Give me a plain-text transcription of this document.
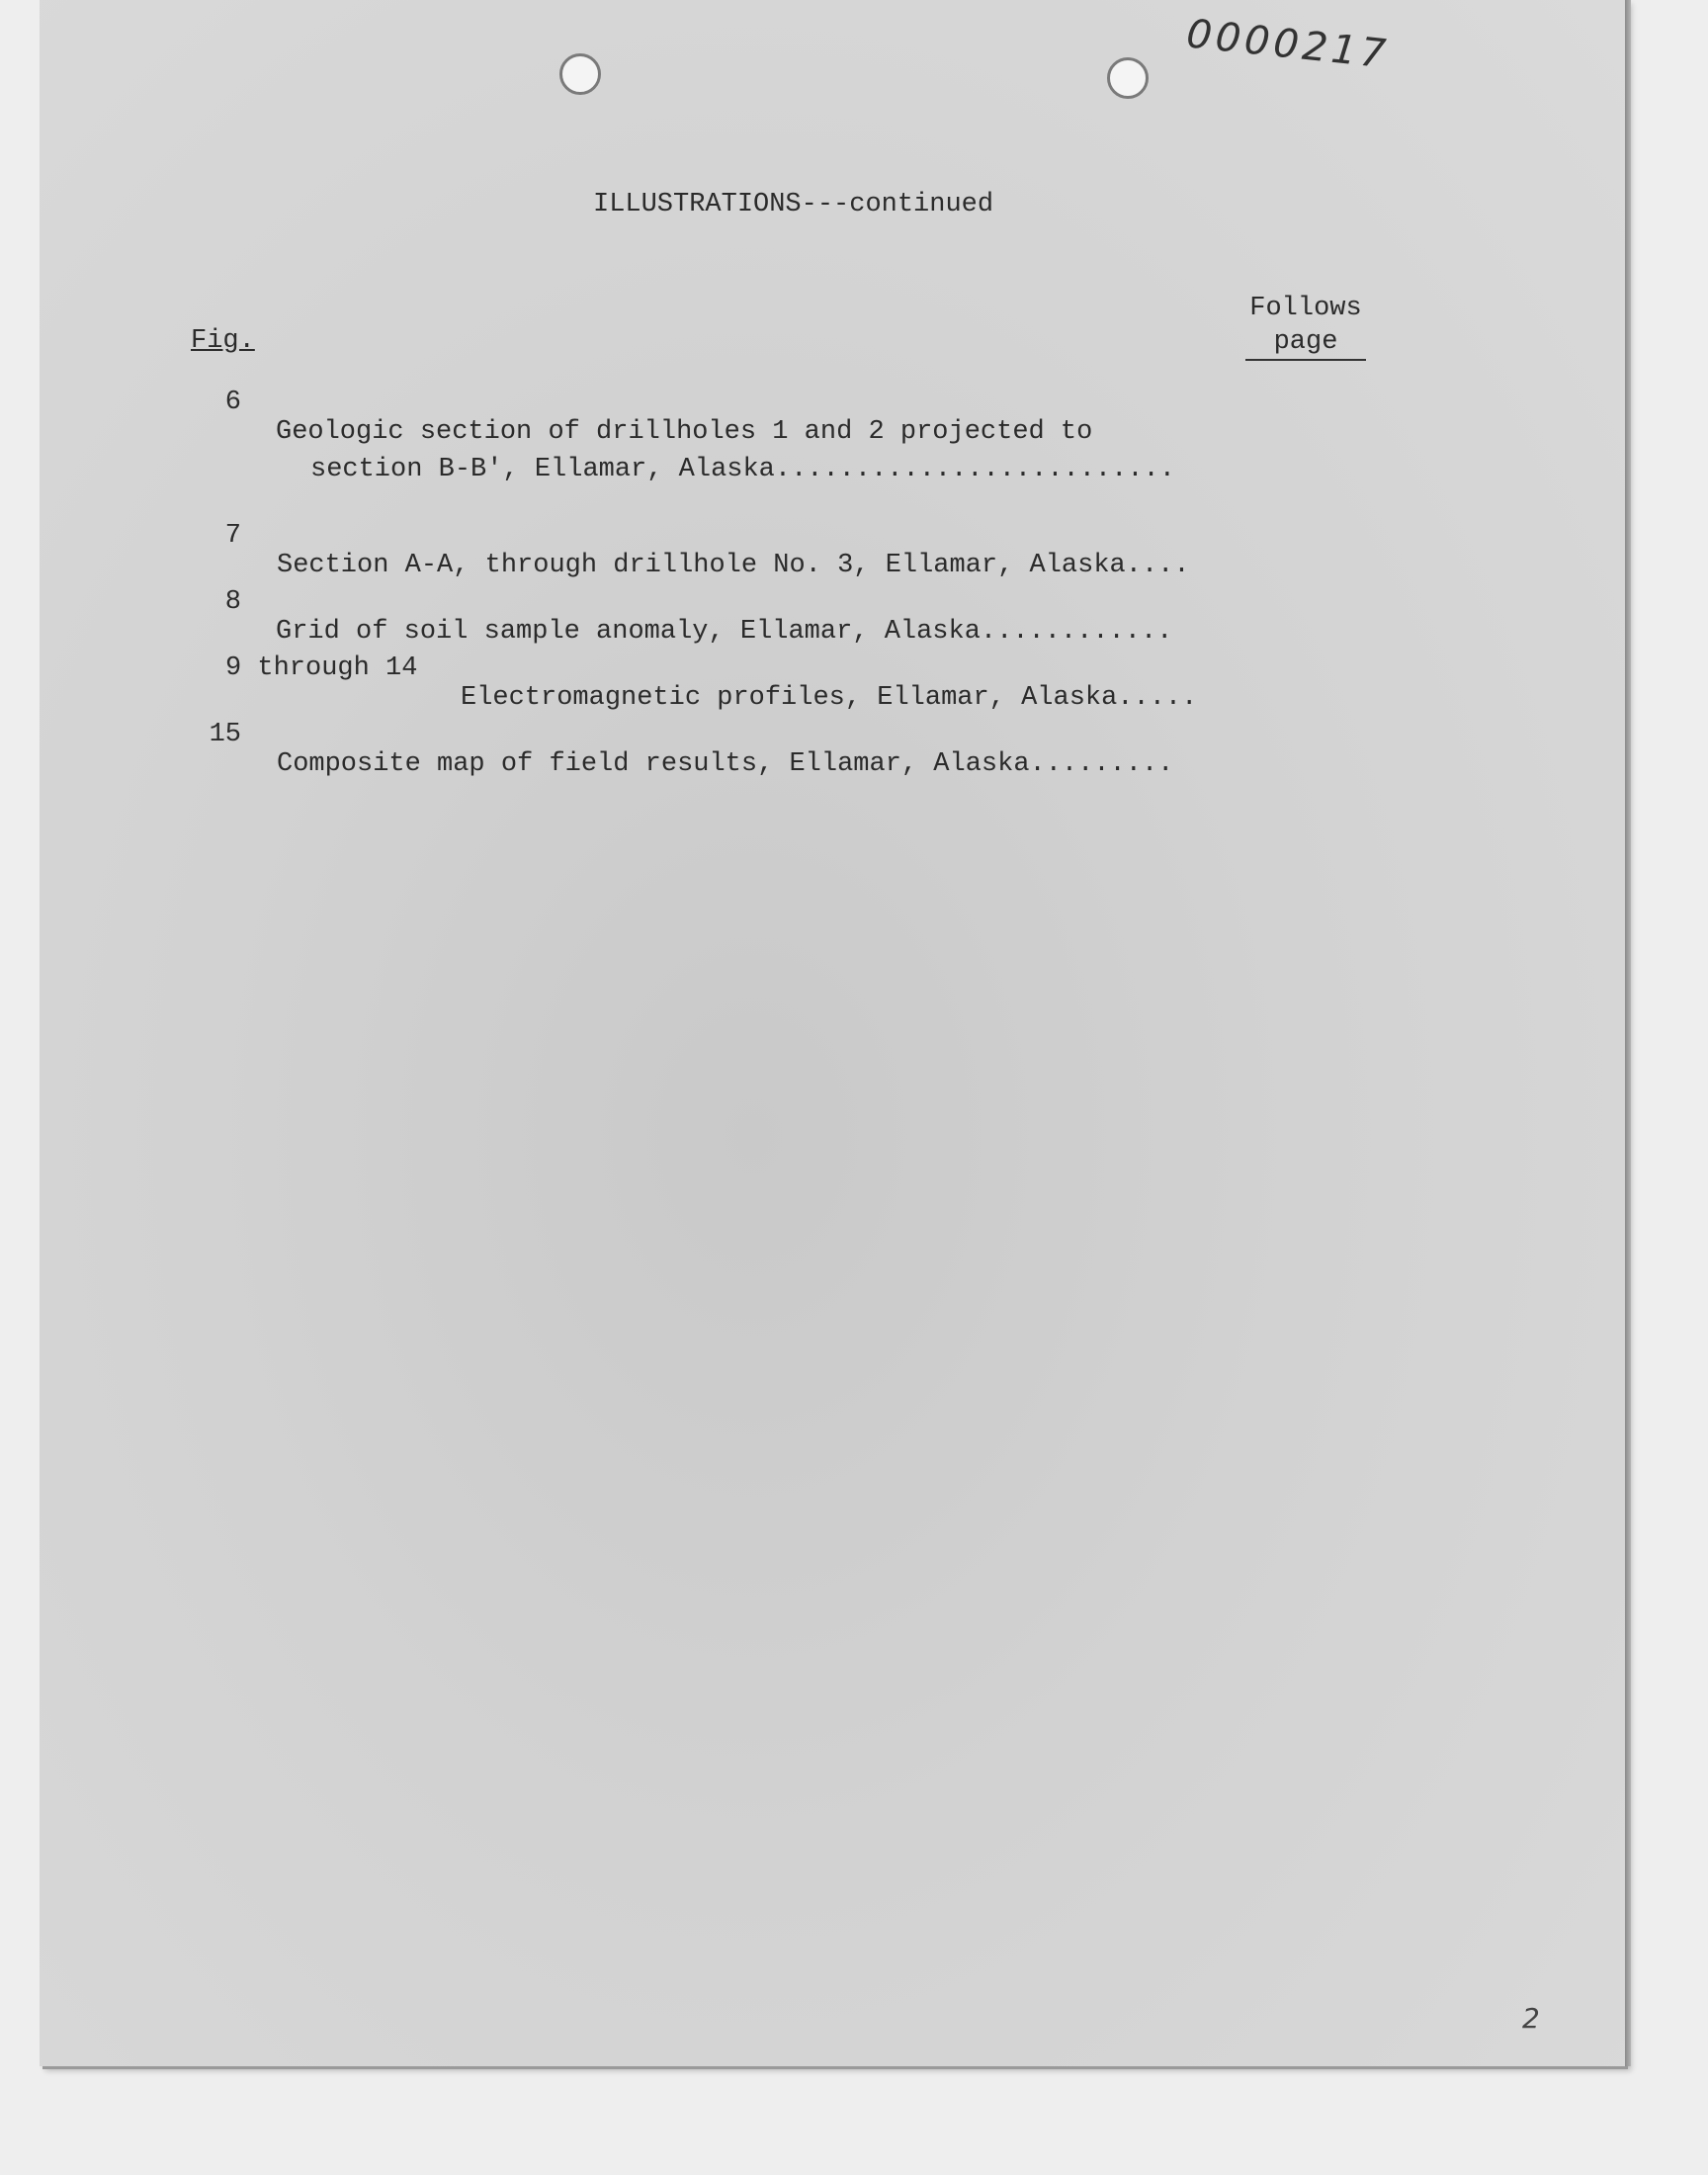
0000217
ILLUSTRATIONS---continued
Fig.
Follows

page

6

Geologic section of drillholes 1 and 2 projected to

section B-B', Ellamar, Alaska.........................

7

Section A-A, through drillhole No. 3, Ellamar, Alaska....

8

Grid of soil sample anomaly, Ellamar, Alaska............

9 through 14

Electromagnetic profiles, Ellamar, Alaska.....

15

Composite map of field results, Ellamar, Alaska.........

2
